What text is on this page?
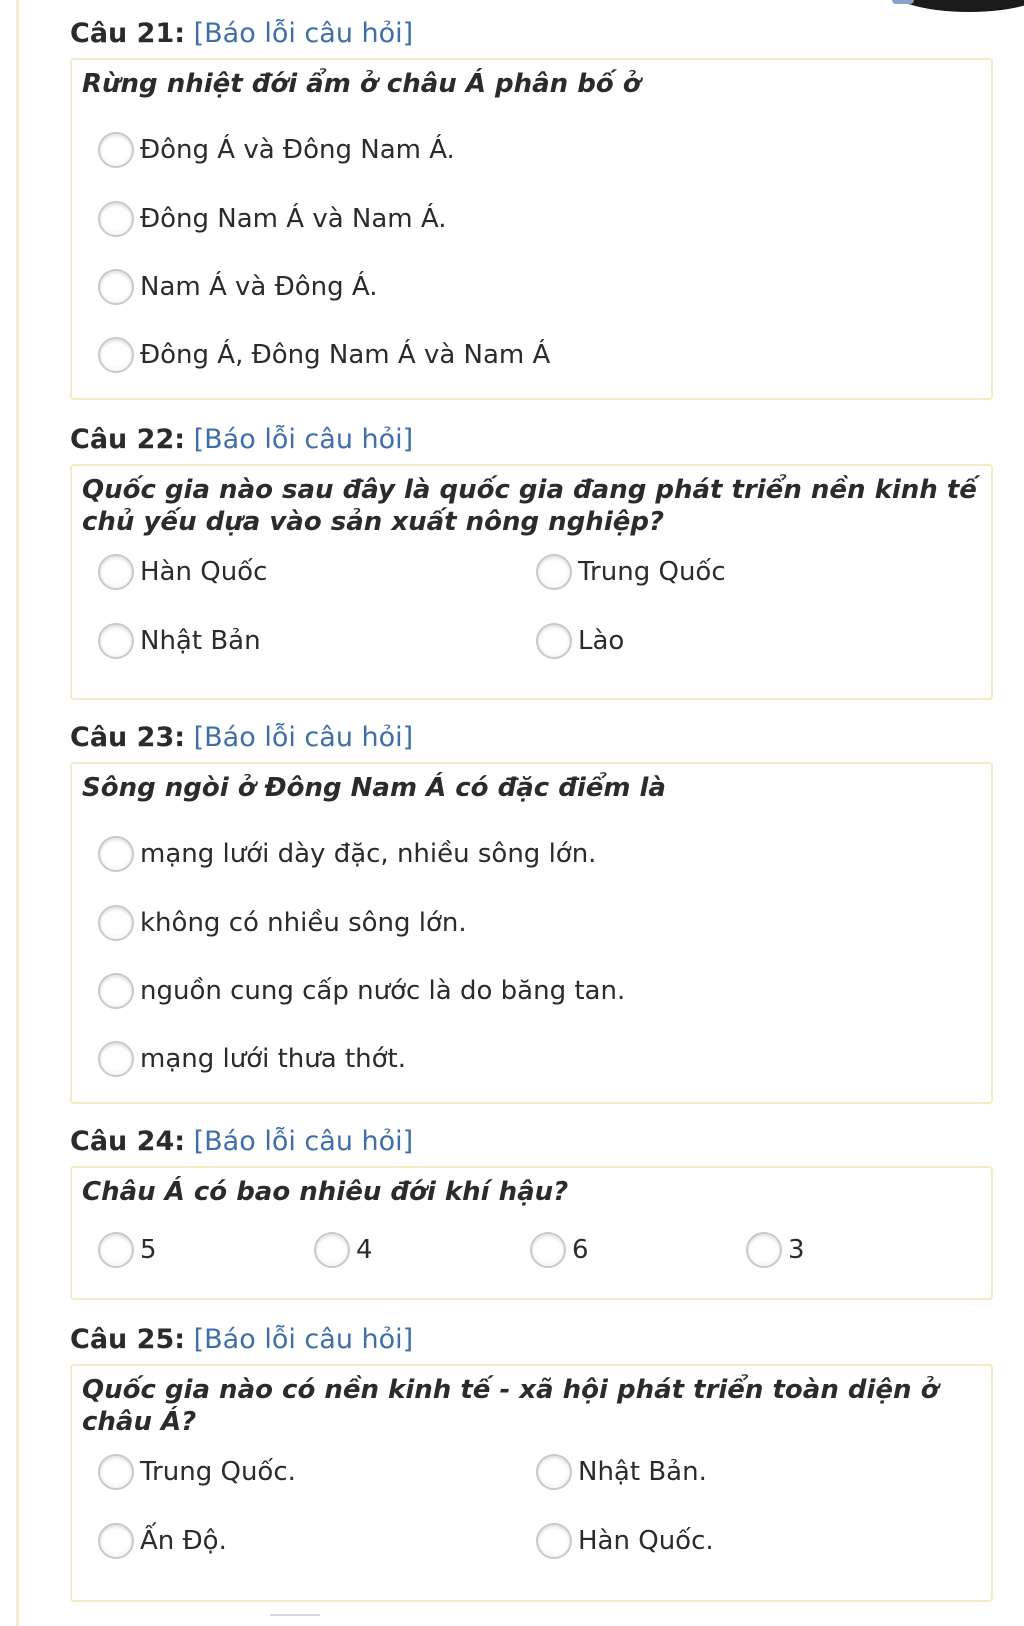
Câu 21: [Báo lỗi câu hỏi]
Rừng nhiệt đới ẩm ở châu Á phân bố ở
Đông Á và Đông Nam Á.
Đông Nam Á và Nam Á.
Nam Á và Đông Á.
Đông Á, Đông Nam Á và Nam Á
Câu 22: [Báo lỗi câu hỏi]
Quốc gia nào sau đây là quốc gia đang phát triển nền kinh tế chủ yếu dựa vào sản xuất nông nghiệp?
Hàn Quốc	Trung Quốc
Nhật Bản	Lào
Câu 23: [Báo lỗi câu hỏi]
Sông ngòi ở Đông Nam Á có đặc điểm là
mạng lưới dày đặc, nhiều sông lớn.
không có nhiều sông lớn.
nguồn cung cấp nước là do băng tan.
mạng lưới thưa thớt.
Câu 24: [Báo lỗi câu hỏi]
Châu Á có bao nhiêu đới khí hậu?
5	4	6	3
Câu 25: [Báo lỗi câu hỏi]
Quốc gia nào có nền kinh tế - xã hội phát triển toàn diện ở châu Á?
Trung Quốc.	Nhật Bản.
Ấn Độ.	Hàn Quốc.
